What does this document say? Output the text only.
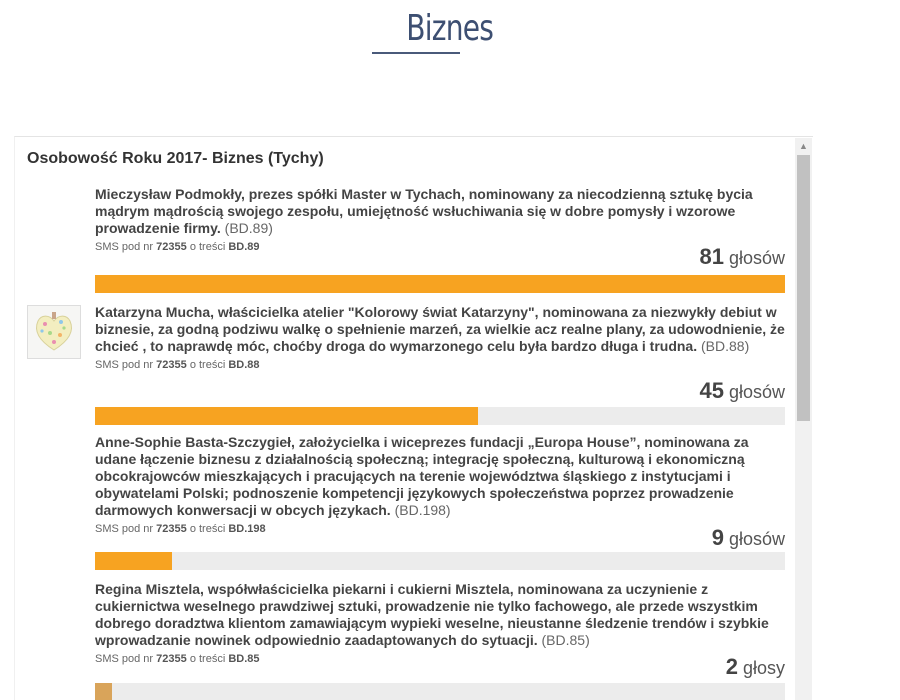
Biznes
Osobowość Roku 2017- Biznes (Tychy)
Mieczysław Podmokły, prezes spółki Master w Tychach, nominowany za niecodzienną sztukę bycia mądrym mądrością swojego zespołu, umiejętność wsłuchiwania się w dobre pomysły i wzorowe prowadzenie firmy. (BD.89)
SMS pod nr 72355 o treści BD.89	81 głosów
Katarzyna Mucha, właścicielka atelier "Kolorowy świat Katarzyny", nominowana za niezwykły debiut w biznesie, za godną podziwu walkę o spełnienie marzeń, za wielkie acz realne plany, za udowodnienie, że chcieć , to naprawdę móc, choćby droga do wymarzonego celu była bardzo długa i trudna. (BD.88)
SMS pod nr 72355 o treści BD.88
45 głosów
Anne-Sophie Basta-Szczygieł, założycielka i wiceprezes fundacji „Europa House”, nominowana za udane łączenie biznesu z działalnością społeczną; integrację społeczną, kulturową i ekonomiczną obcokrajowców mieszkających i pracujących na terenie województwa śląskiego z instytucjami i obywatelami Polski; podnoszenie kompetencji językowych społeczeństwa poprzez prowadzenie darmowych konwersacji w obcych językach. (BD.198)
SMS pod nr 72355 o treści BD.198	9 głosów
Regina Misztela, współwłaścicielka piekarni i cukierni Misztela, nominowana za uczynienie z cukiernictwa weselnego prawdziwej sztuki, prowadzenie nie tylko fachowego, ale przede wszystkim dobrego doradztwa klientom zamawiającym wypieki weselne, nieustanne śledzenie trendów i szybkie wprowadzanie nowinek odpowiednio zaadaptowanych do sytuacji. (BD.85)
SMS pod nr 72355 o treści BD.85	2 głosy
▲
